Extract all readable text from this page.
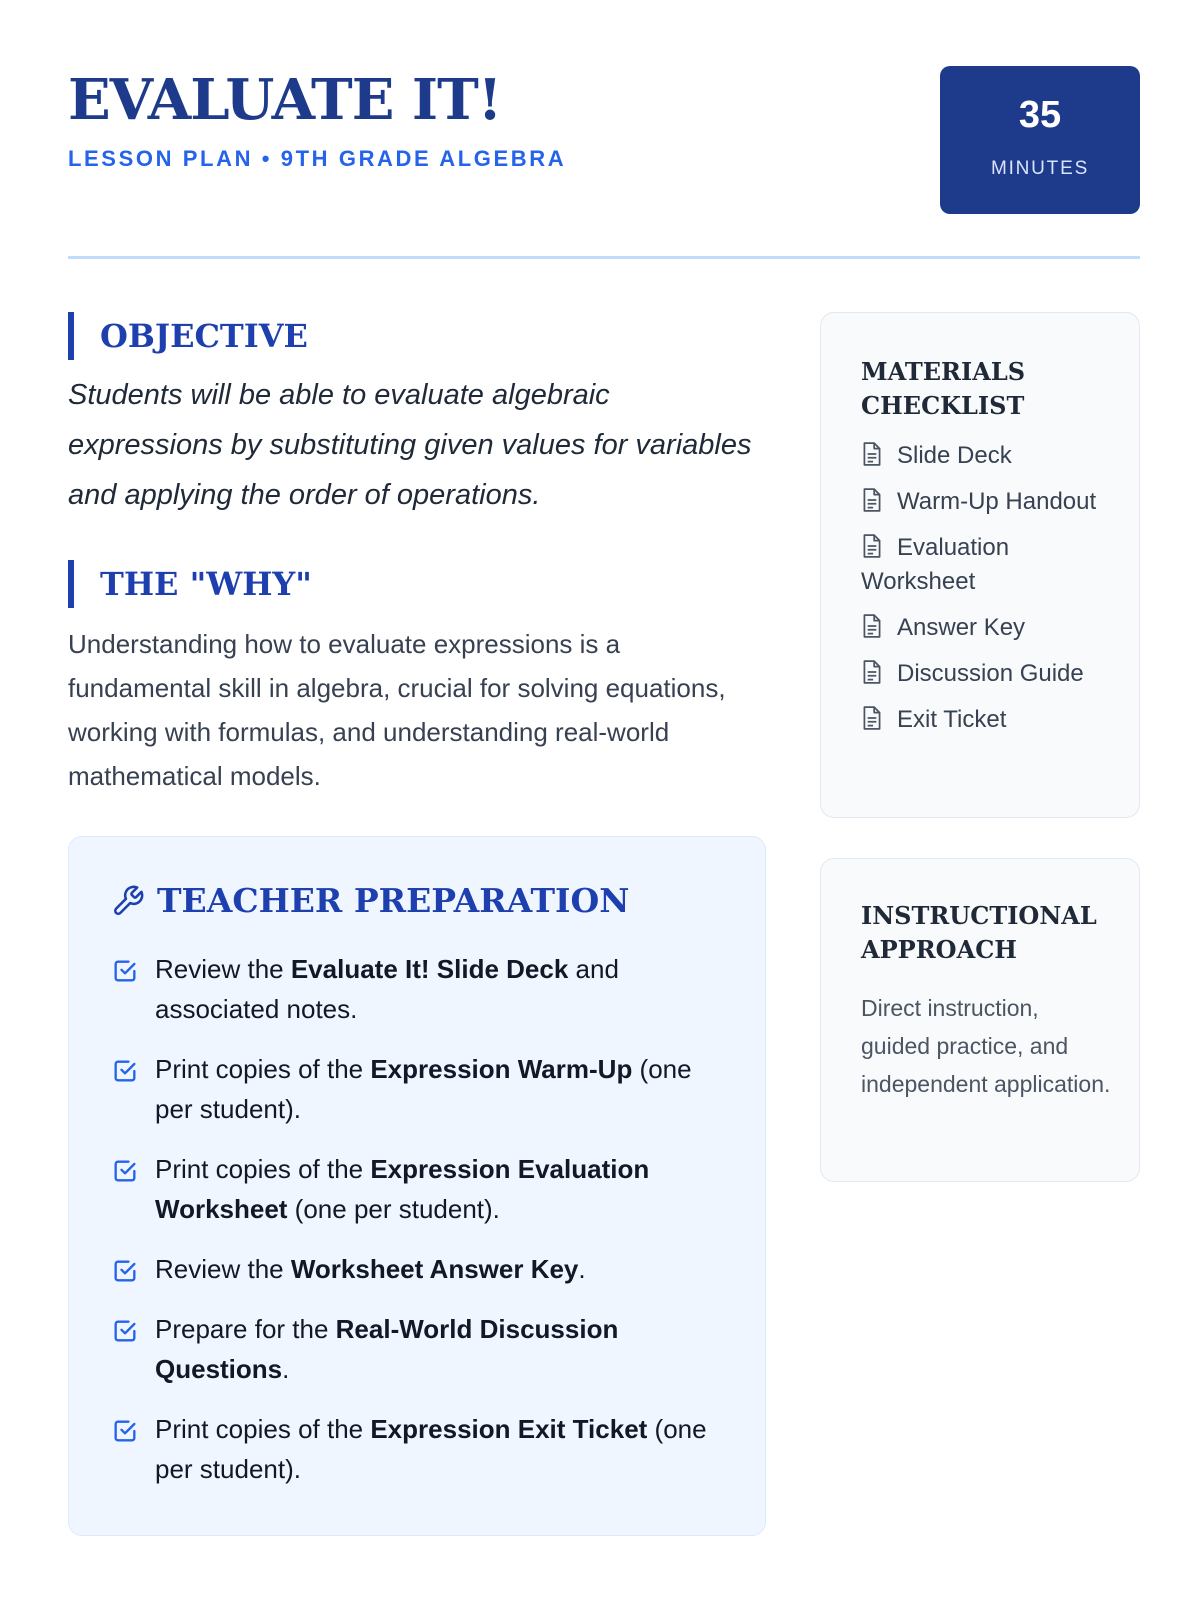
EVALUATE IT!
LESSON PLAN • 9TH GRADE ALGEBRA
35
MINUTES
OBJECTIVE

Students will be able to evaluate algebraic expressions by substituting given values for variables and applying the order of operations.

THE "WHY"

Understanding how to evaluate expressions is a fundamental skill in algebra, crucial for solving equations, working with formulas, and understanding real-world mathematical models.

TEACHER PREPARATION
Review the Evaluate It! Slide Deck and associated notes.
Print copies of the Expression Warm-Up (one per student).
Print copies of the Expression Evaluation Worksheet (one per student).
Review the Worksheet Answer Key.
Prepare for the Real-World Discussion Questions.
Print copies of the Expression Exit Ticket (one per student).
MATERIALS CHECKLIST
Slide Deck
Warm-Up Handout
Evaluation Worksheet
Answer Key
Discussion Guide
Exit Ticket
INSTRUCTIONAL APPROACH

Direct instruction, guided practice, and independent application.
